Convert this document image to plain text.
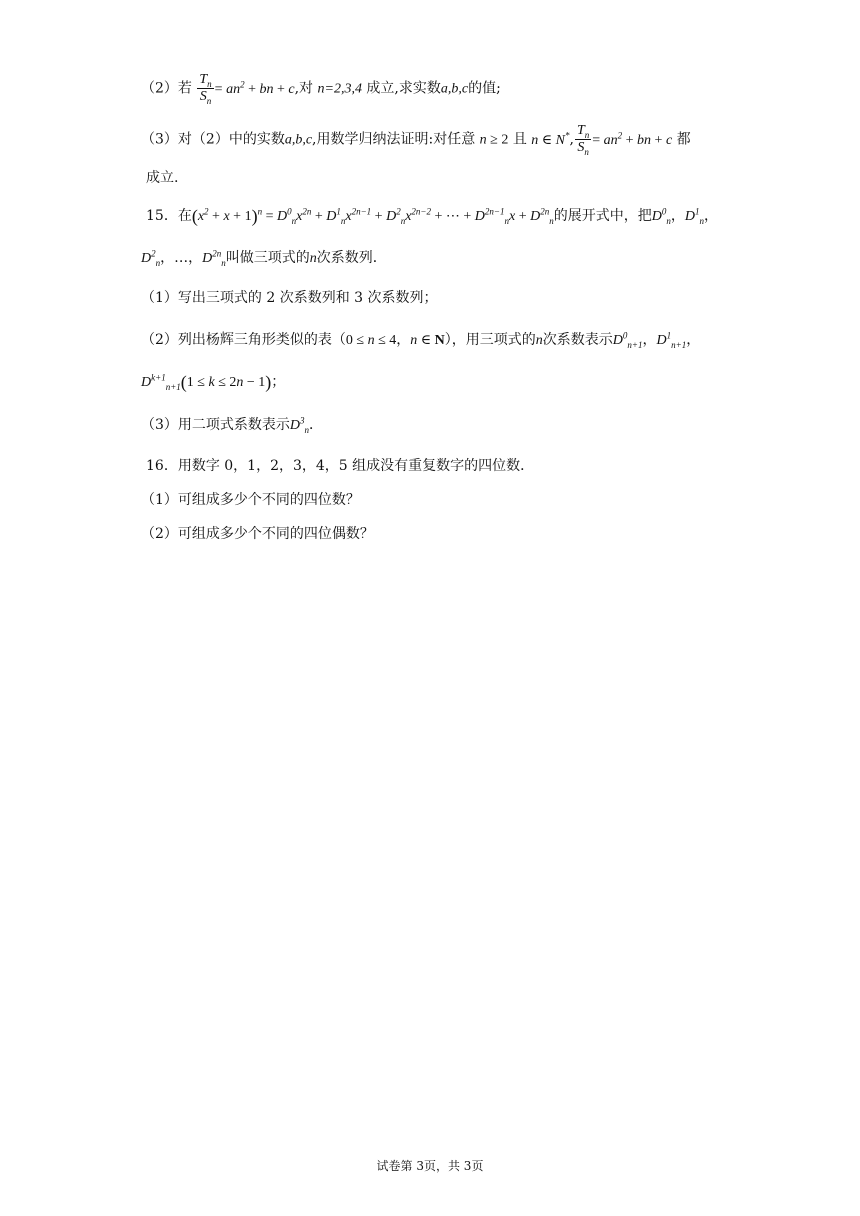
（2）若 $\frac{T_n}{S_n} = an^2$ + bn + c,对 n=2,3,4 成立,求实数a,b,c的值;
（3）对（2）中的实数a,b,c,用数学归纳法证明:对任意 n ≥ 2 且 n ∈ N*, $\frac{T_n}{S_n} = an^2$ + bn + c 都
成立.
15．在$(x^2 + x + 1)^n = D^0_nx^{2n} + D^1_nx^{2n-1} + D^2_nx^{2n-2}$ + ⋯ + $D^{2n-1}_nx + D^{2n}_n$的展开式中，把$D^0_n$，$D^1_n$，
$D^2_n$，…，$D^{2n}_n$叫做三项式的n次系数列．
（1）写出三项式的 2 次系数列和 3 次系数列；
（2）列出杨辉三角形类似的表（0 ≤ n ≤ 4，n ∈ N），用三项式的n次系数表示$D^0_{n+1}$，$D^1_{n+1}$，
$D^{k+1}_{n+1}(1 \le k \le 2n - 1)$；
（3）用二项式系数表示$D^3_n$．
16．用数字 0，1，2，3，4，5 组成没有重复数字的四位数．
（1）可组成多少个不同的四位数？
（2）可组成多少个不同的四位偶数？
试卷第 3页，共 3页
